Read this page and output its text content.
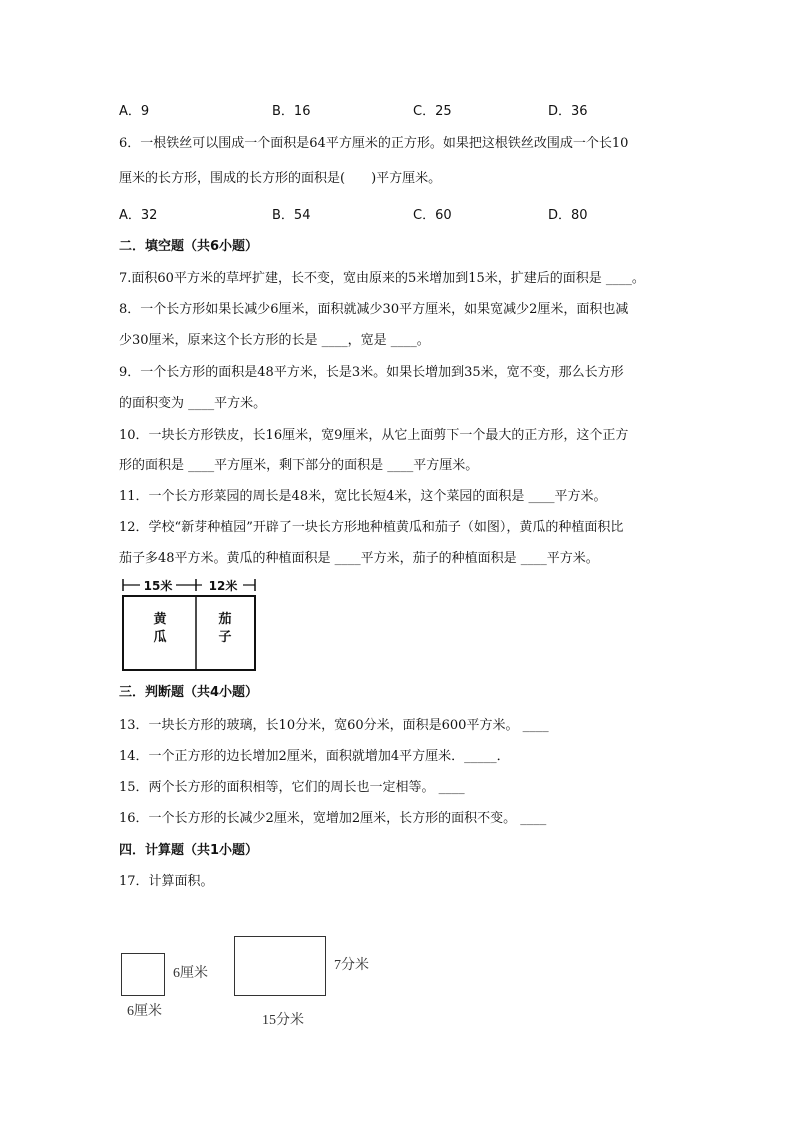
A．9	B．16	C．25	D．36
6．一根铁丝可以围成一个面积是64平方厘米的正方形。如果把这根铁丝改围成一个长10
厘米的长方形，围成的长方形的面积是(　　)平方厘米。
A．32	B．54	C．60	D．80
二．填空题（共6小题）
7.面积60平方米的草坪扩建，长不变，宽由原来的5米增加到15米，扩建后的面积是 ____。
8．一个长方形如果长减少6厘米，面积就减少30平方厘米，如果宽减少2厘米，面积也减
少30厘米，原来这个长方形的长是 ____，宽是 ____。
9．一个长方形的面积是48平方米，长是3米。如果长增加到35米，宽不变，那么长方形
的面积变为 ____平方米。
10．一块长方形铁皮，长16厘米，宽9厘米，从它上面剪下一个最大的正方形，这个正方
形的面积是 ____平方厘米，剩下部分的面积是 ____平方厘米。
11．一个长方形菜园的周长是48米，宽比长短4米，这个菜园的面积是 ____平方米。
12．学校“新芽种植园”开辟了一块长方形地种植黄瓜和茄子（如图），黄瓜的种植面积比
茄子多48平方米。黄瓜的种植面积是 ____平方米，茄子的种植面积是 ____平方米。
15米	12米
黄
瓜
茄
子
三．判断题（共4小题）
13．一块长方形的玻璃，长10分米，宽60分米，面积是600平方米。 ____
14．一个正方形的边长增加2厘米，面积就增加4平方厘米．_____．
15．两个长方形的面积相等，它们的周长也一定相等。 ____
16．一个长方形的长减少2厘米，宽增加2厘米，长方形的面积不变。 ____
四．计算题（共1小题）
17．计算面积。
6厘米
6厘米
7分米
15分米
